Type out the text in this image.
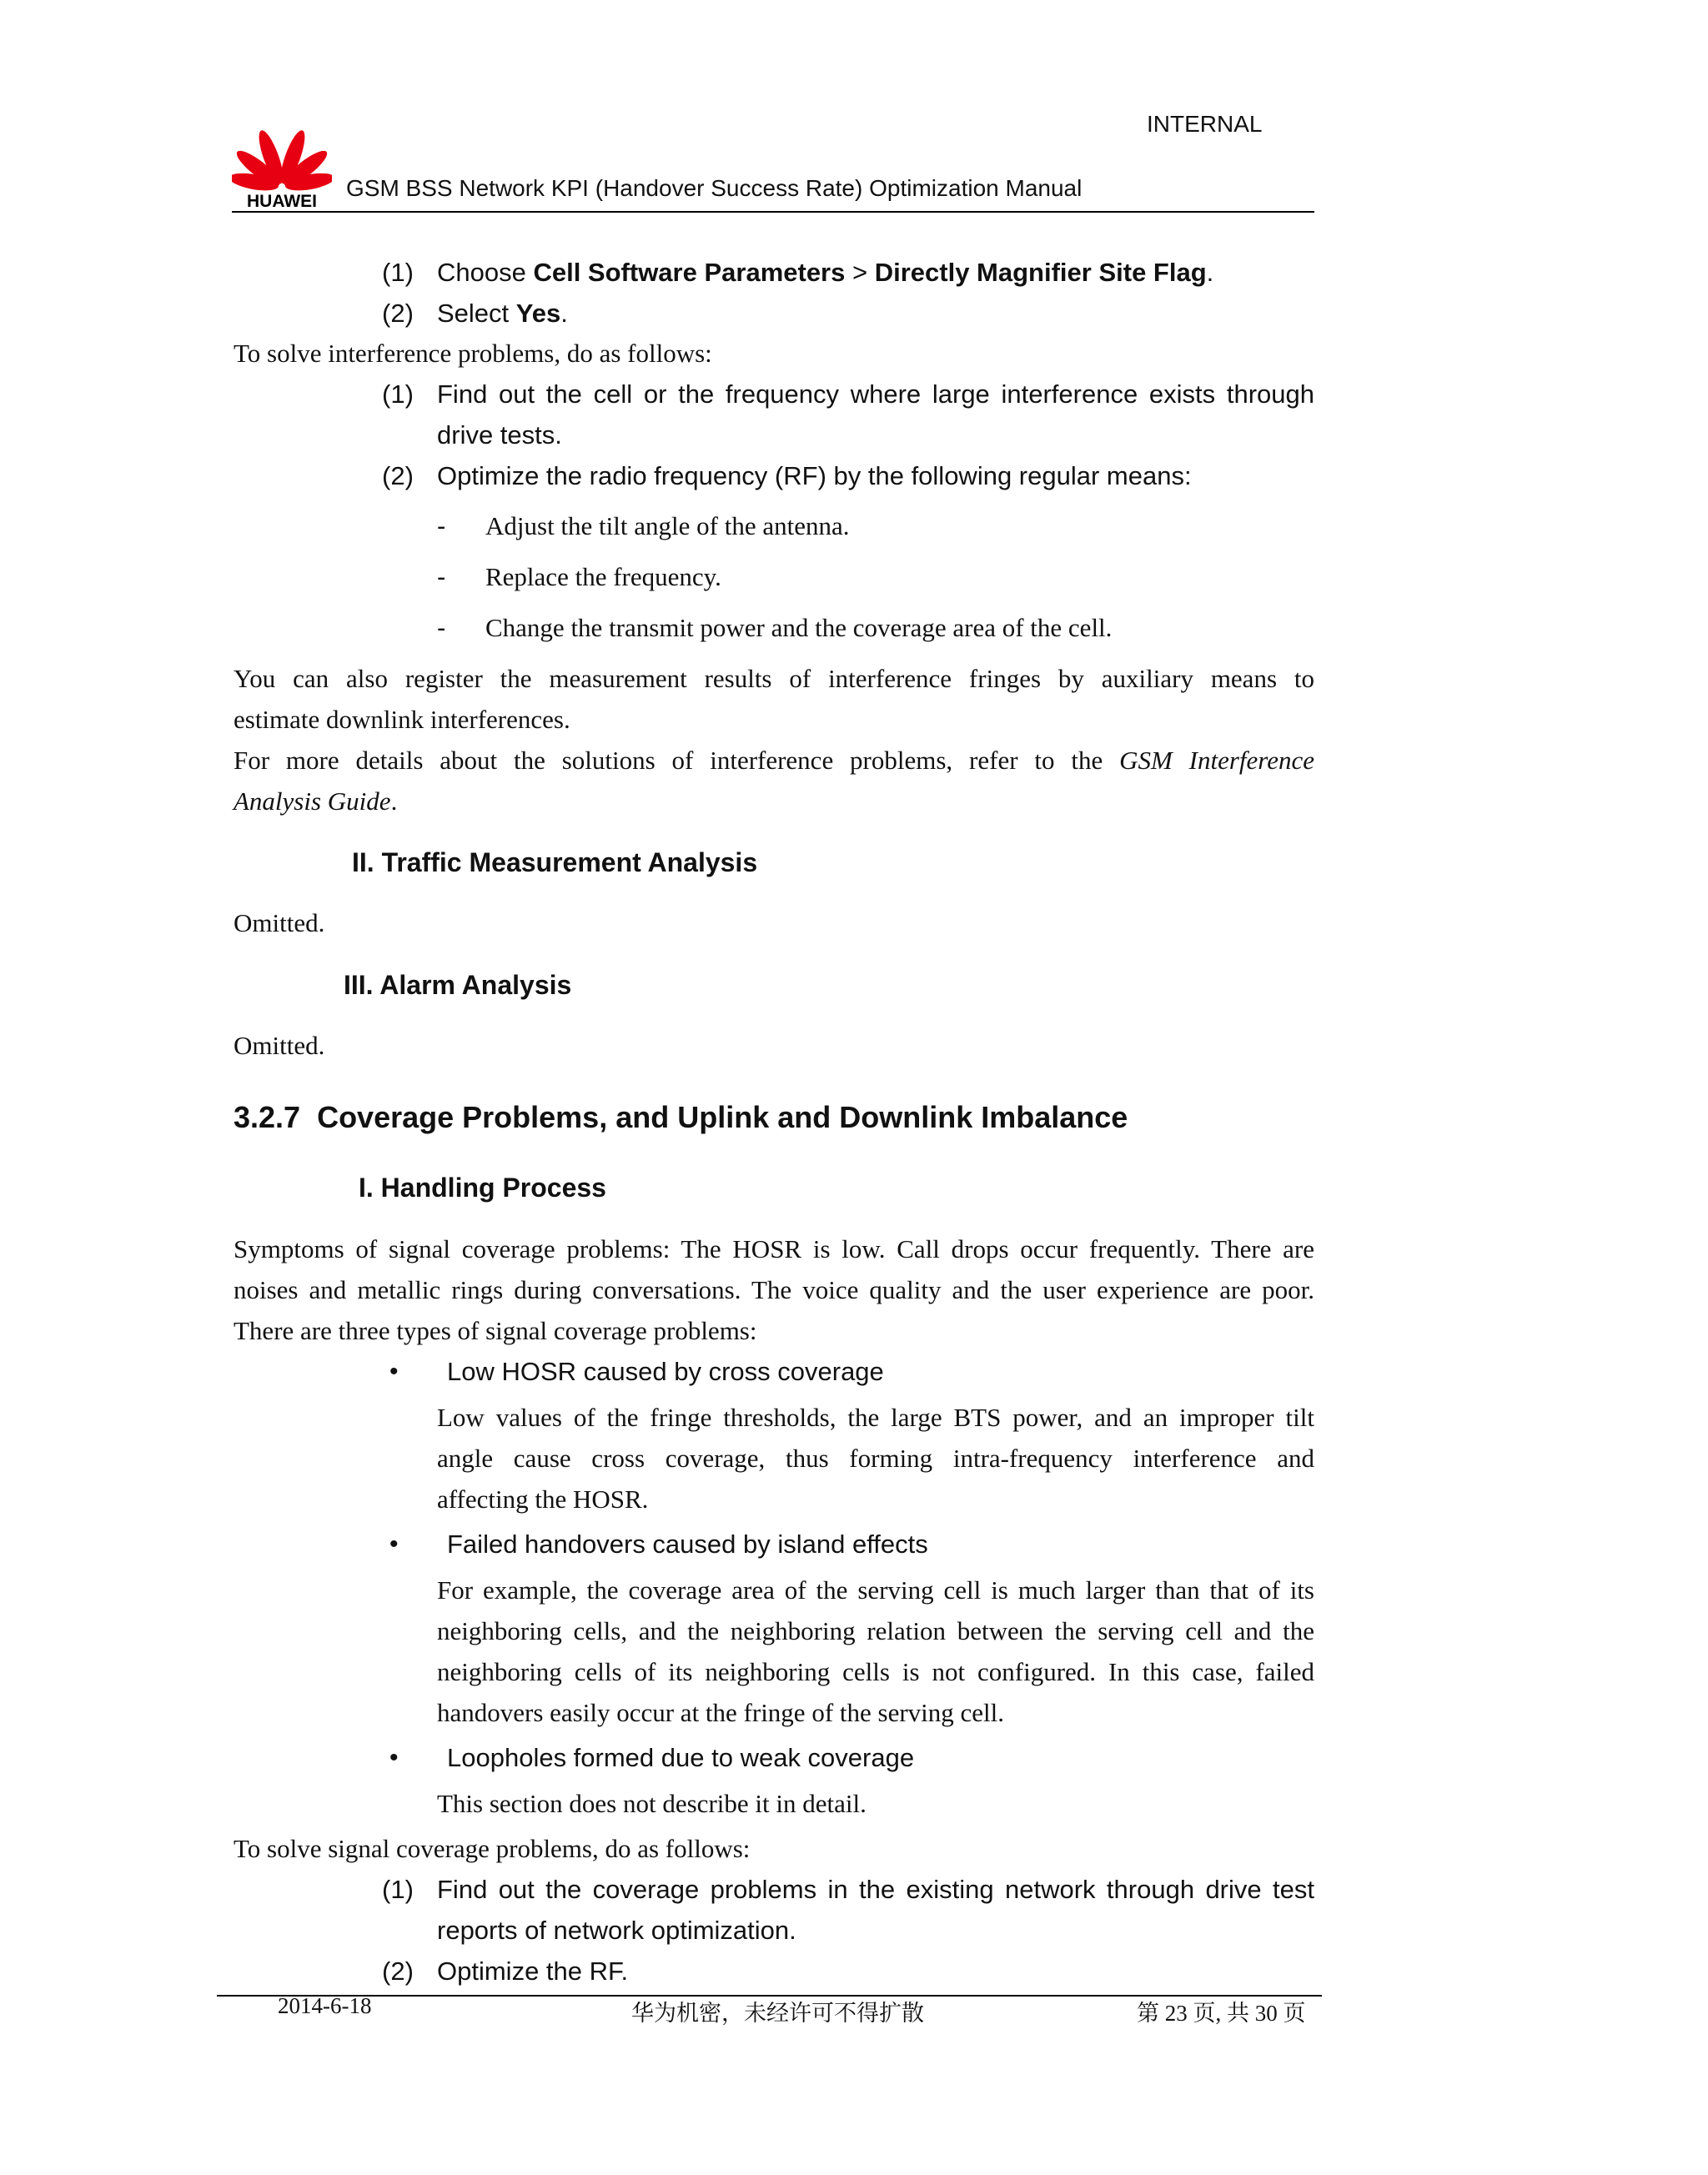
INTERNAL
HUAWEI
GSM BSS Network KPI (Handover Success Rate) Optimization Manual
(1) Choose Cell Software Parameters > Directly Magnifier Site Flag.
(2) Select Yes.
To solve interference problems, do as follows:
(1) Find out the cell or the frequency where large interference exists through
drive tests.
(2) Optimize the radio frequency (RF) by the following regular means:
- Adjust the tilt angle of the antenna.
- Replace the frequency.
- Change the transmit power and the coverage area of the cell.
You can also register the measurement results of interference fringes by auxiliary means to
estimate downlink interferences.
For more details about the solutions of interference problems, refer to the GSM Interference
Analysis Guide.
II. Traffic Measurement Analysis
Omitted.
III. Alarm Analysis
Omitted.
3.2.7  Coverage Problems, and Uplink and Downlink Imbalance
I. Handling Process
Symptoms of signal coverage problems: The HOSR is low. Call drops occur frequently. There are
noises and metallic rings during conversations. The voice quality and the user experience are poor.
There are three types of signal coverage problems:
• Low HOSR caused by cross coverage
Low values of the fringe thresholds, the large BTS power, and an improper tilt
angle cause cross coverage, thus forming intra-frequency interference and
affecting the HOSR.
• Failed handovers caused by island effects
For example, the coverage area of the serving cell is much larger than that of its
neighboring cells, and the neighboring relation between the serving cell and the
neighboring cells of its neighboring cells is not configured. In this case, failed
handovers easily occur at the fringe of the serving cell.
• Loopholes formed due to weak coverage
This section does not describe it in detail.
To solve signal coverage problems, do as follows:
(1) Find out the coverage problems in the existing network through drive test
reports of network optimization.
(2) Optimize the RF.
2014-6-18	华为机密，未经许可不得扩散	第 23 页, 共 30 页
